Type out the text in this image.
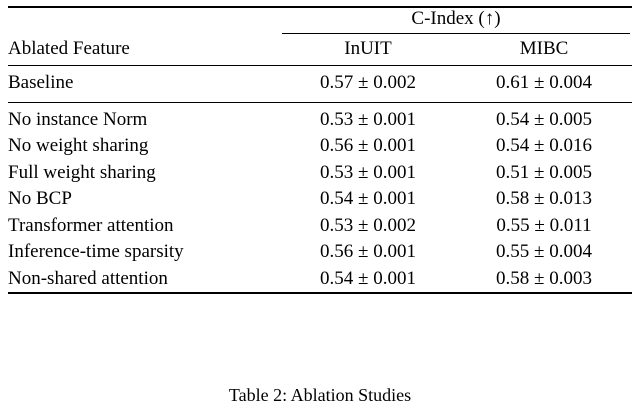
Ablated Feature	C-Index (↑)	

	InUIT	MIBC
Baseline	0.57 ± 0.002	0.61 ± 0.004

No instance Norm	0.53 ± 0.001	0.54 ± 0.005
No weight sharing	0.56 ± 0.001	0.54 ± 0.016
Full weight sharing	0.53 ± 0.001	0.51 ± 0.005
No BCP	0.54 ± 0.001	0.58 ± 0.013
Transformer attention	0.53 ± 0.002	0.55 ± 0.011
Inference-time sparsity	0.56 ± 0.001	0.55 ± 0.004
Non-shared attention	0.54 ± 0.001	0.58 ± 0.003
Table 2: Ablation Studies
